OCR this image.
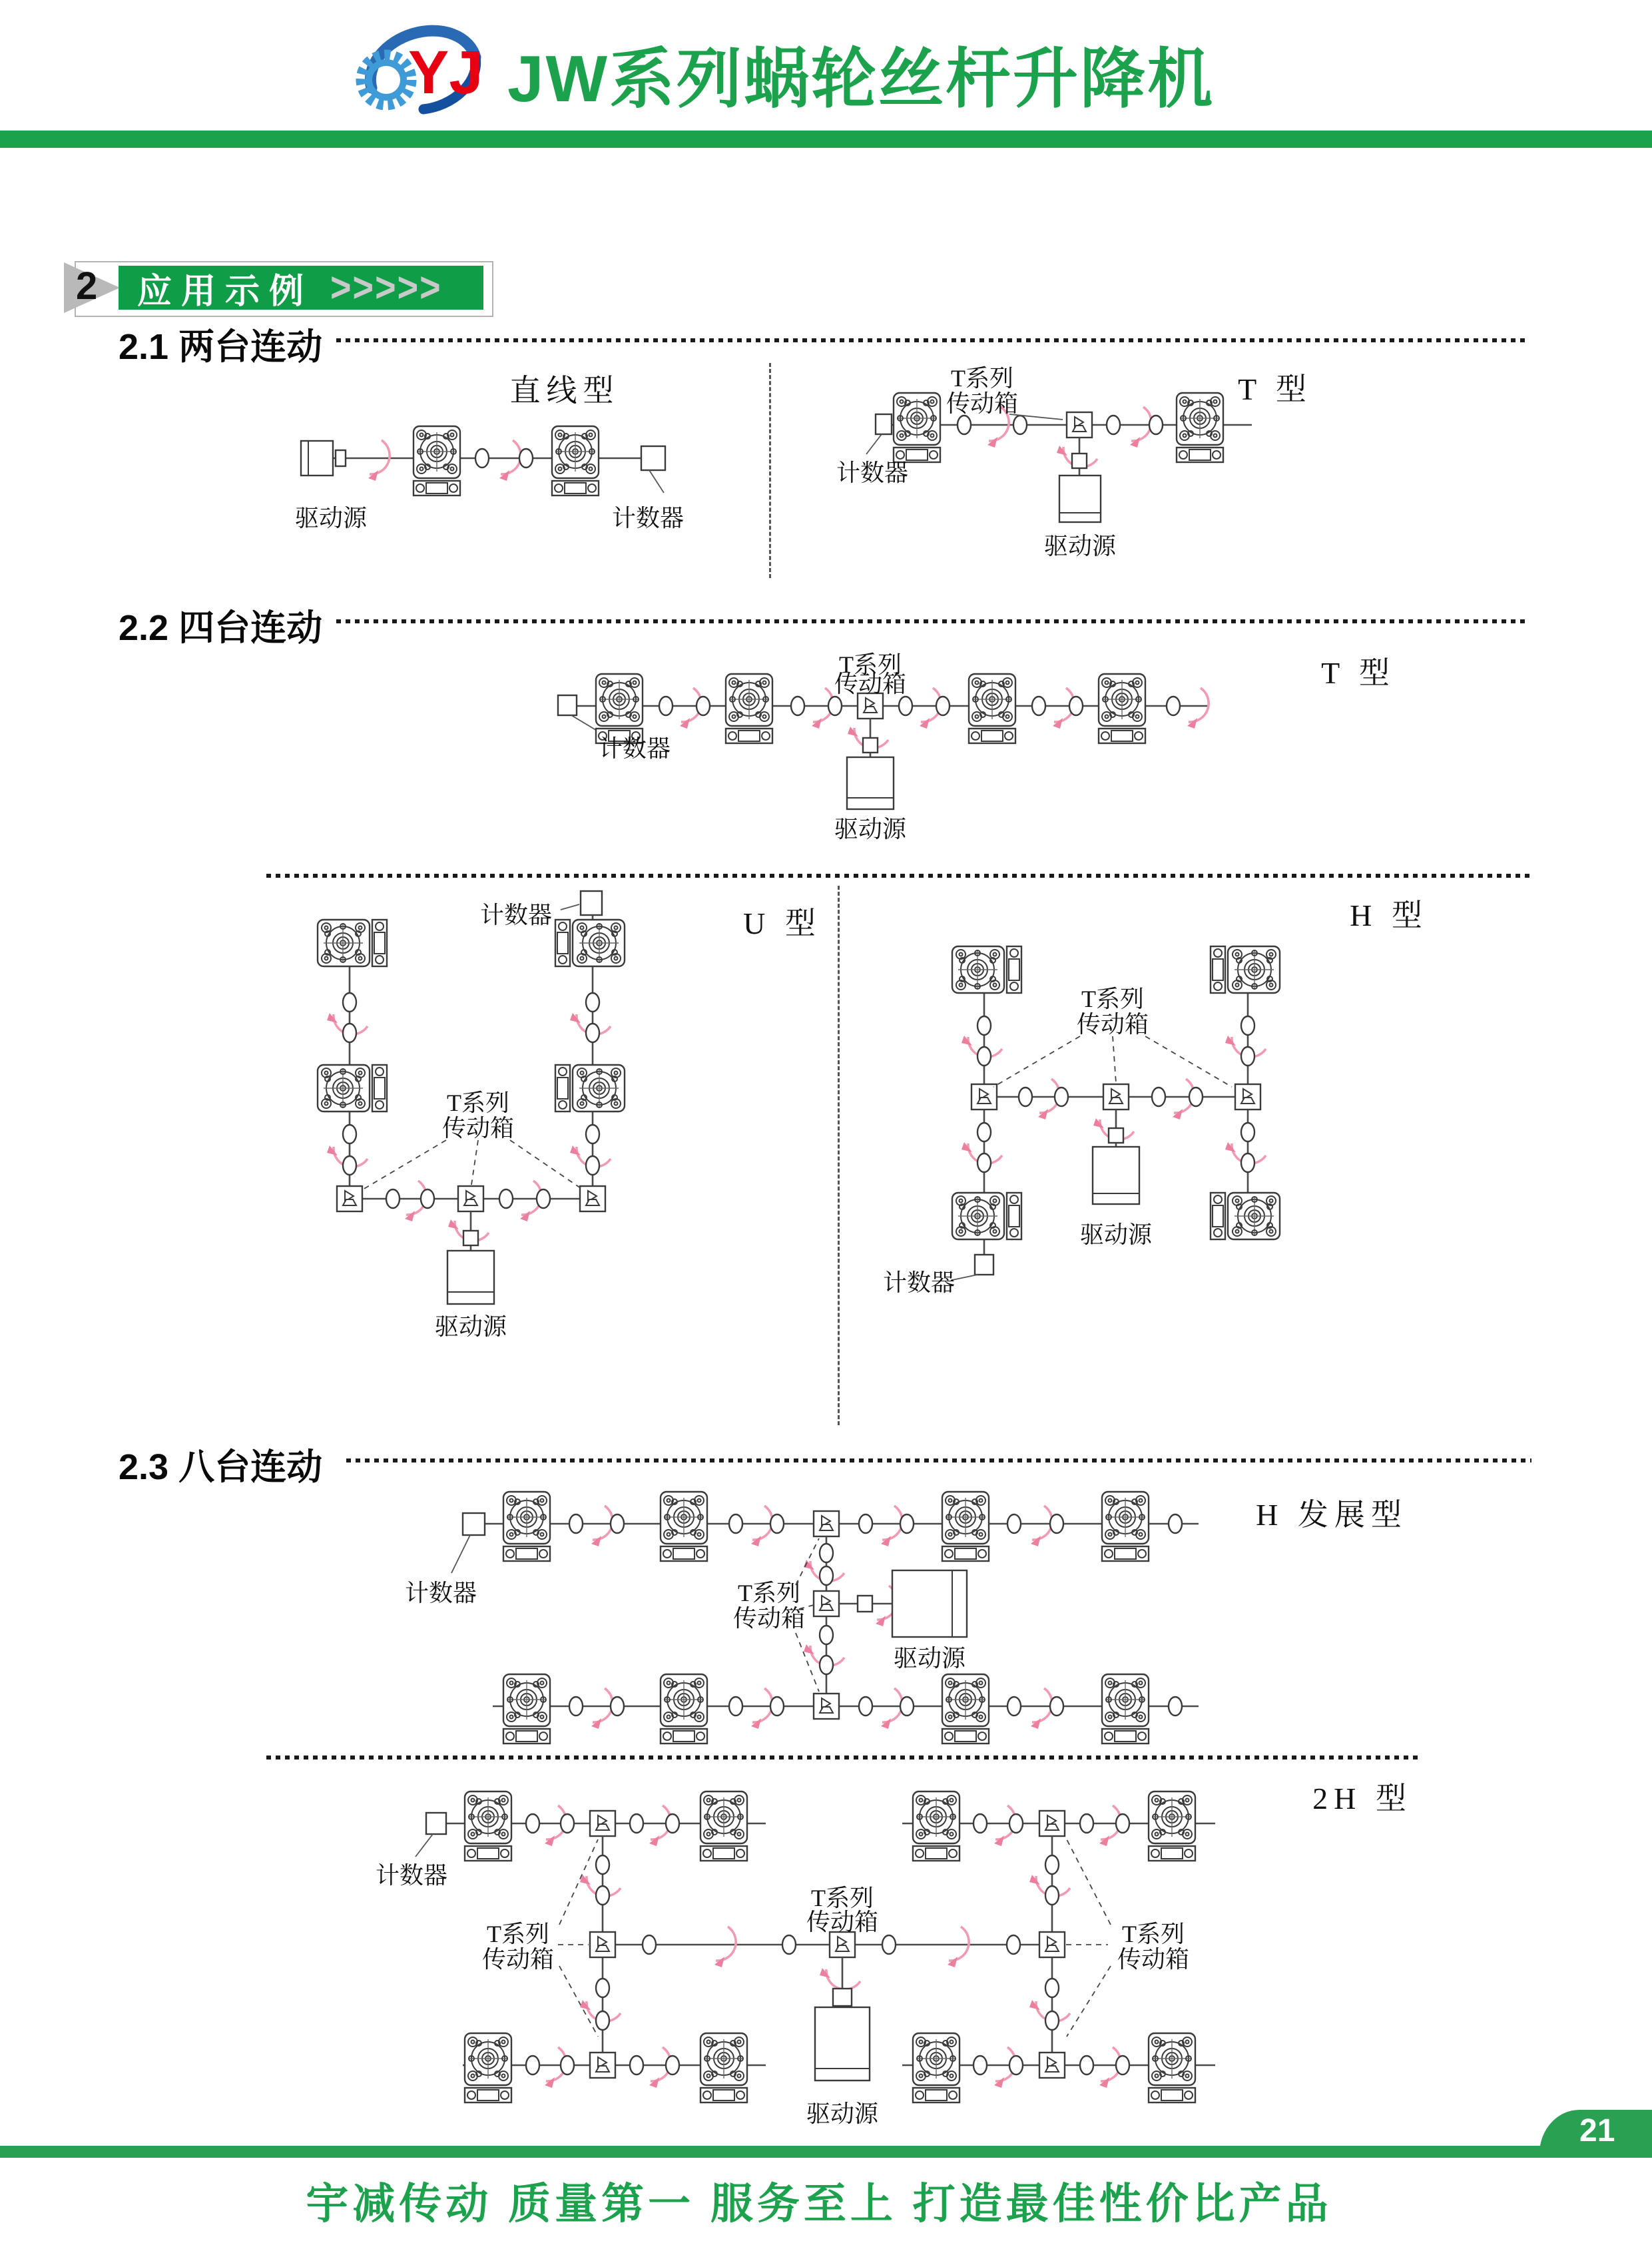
YJ JW系列蜗轮丝杆升降机
2 应用示例 >>>>>
2.1 两台连动
2.2 四台连动
2.3 八台连动
驱动源	计数器
直线型
驱动源
计数器
T系列
传动箱	T 型
驱动源
计数器
T系列
传动箱	T 型
计数器
T系列
传动箱
驱动源
U 型
T系列
传动箱
驱动源
计数器
H 型
计数器
H 发展型
驱动源
T系列
传动箱
2H 型
计数器
T系列
传动箱
T系列
传动箱	T系列
传动箱
驱动源	21
宇减传动 质量第一 服务至上 打造最佳性价比产品
